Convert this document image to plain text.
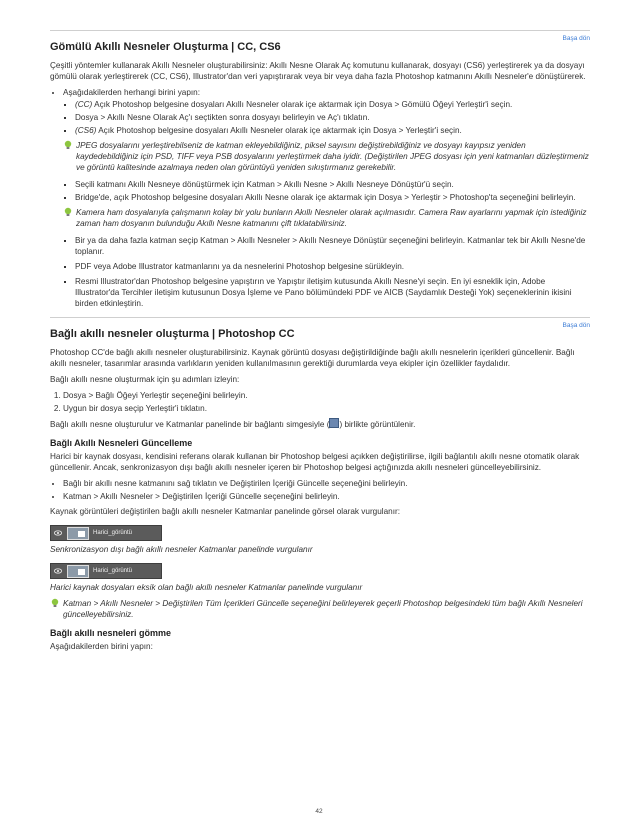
Başa dön
Gömülü Akıllı Nesneler Oluşturma | CC, CS6

Çeşitli yöntemler kullanarak Akıllı Nesneler oluşturabilirsiniz: Akıllı Nesne Olarak Aç komutunu kullanarak, dosyayı (CS6) yerleştirerek ya da dosyayı gömülü olarak yerleştirerek (CC, CS6), Illustrator'dan veri yapıştırarak veya bir veya daha fazla Photoshop katmanını Akıllı Nesneler'e dönüştürerek.

• Aşağıdakilerden herhangi birini yapın:
▪ (CC) Açık Photoshop belgesine dosyaları Akıllı Nesneler olarak içe aktarmak için Dosya > Gömülü Öğeyi Yerleştir'i seçin.
▪ Dosya > Akıllı Nesne Olarak Aç'ı seçtikten sonra dosyayı belirleyin ve Aç'ı tıklatın.
▪ (CS6) Açık Photoshop belgesine dosyaları Akıllı Nesneler olarak içe aktarmak için Dosya > Yerleştir'i seçin.
JPEG dosyalarını yerleştirebilseniz de katman ekleyebildiğiniz, piksel sayısını değiştirebildiğiniz ve dosyayı kayıpsız yeniden kaydedebildiğiniz için PSD, TIFF veya PSB dosyalarını yerleştirmek daha iyidir. (Değiştirilen JPEG dosyası için yeni katmanları düzleştirmeniz ve görüntü kalitesinde azalmaya neden olan görüntüyü yeniden sıkıştırmanız gerekebilir.
▪ Seçili katmanı Akıllı Nesneye dönüştürmek için Katman > Akıllı Nesne > Akıllı Nesneye Dönüştür'ü seçin.
▪ Bridge'de, açık Photoshop belgesine dosyaları Akıllı Nesne olarak içe aktarmak için Dosya > Yerleştir > Photoshop'ta seçeneğini belirleyin.
Kamera ham dosyalarıyla çalışmanın kolay bir yolu bunların Akıllı Nesneler olarak açılmasıdır. Camera Raw ayarlarını yapmak için istediğiniz zaman ham dosyanın bulunduğu Akıllı Nesne katmanını çift tıklatabilirsiniz.
▪ Bir ya da daha fazla katman seçip Katman > Akıllı Nesneler > Akıllı Nesneye Dönüştür seçeneğini belirleyin. Katmanlar tek bir Akıllı Nesne'de toplanır.
▪ PDF veya Adobe Illustrator katmanlarını ya da nesnelerini Photoshop belgesine sürükleyin.
▪ Resmi Illustrator'dan Photoshop belgesine yapıştırın ve Yapıştır iletişim kutusunda Akıllı Nesne'yi seçin. En iyi esneklik için, Adobe Illustrator'da Tercihler iletişim kutusunun Dosya İşleme ve Pano bölümündeki PDF ve AICB (Saydamlık Desteği Yok) seçeneklerinin ikisini birden etkinleştirin.
Başa dön
Bağlı akıllı nesneler oluşturma | Photoshop CC

Photoshop CC'de bağlı akıllı nesneler oluşturabilirsiniz. Kaynak görüntü dosyası değiştirildiğinde bağlı akıllı nesnelerin içerikleri güncellenir. Bağlı akıllı nesneler, tasarımlar arasında varlıkların yeniden kullanılmasının gerektiği durumlarda veya ekipler için özellikler faydalıdır.

Bağlı akıllı nesne oluşturmak için şu adımları izleyin:

1. Dosya > Bağlı Öğeyi Yerleştir seçeneğini belirleyin.
2. Uygun bir dosya seçip Yerleştir'i tıklatın.

Bağlı akıllı nesne oluşturulur ve Katmanlar panelinde bir bağlantı simgesiyle ( ) birlikte görüntülenir.

Bağlı Akıllı Nesneleri Güncelleme

Harici bir kaynak dosyası, kendisini referans olarak kullanan bir Photoshop belgesi açıkken değiştirilirse, ilgili bağlantılı akıllı nesne otomatik olarak güncellenir. Ancak, senkronizasyon dışı bağlı akıllı nesneler içeren bir Photoshop belgesi açtığınızda akıllı nesneleri güncelleyebilirsiniz.

• Bağlı bir akıllı nesne katmanını sağ tıklatın ve Değiştirilen İçeriği Güncelle seçeneğini belirleyin.
• Katman > Akıllı Nesneler > Değiştirilen İçeriği Güncelle seçeneğini belirleyin.

Kaynak görüntüleri değiştirilen bağlı akıllı nesneler Katmanlar panelinde görsel olarak vurgulanır:

Harici_görüntü

Senkronizasyon dışı bağlı akıllı nesneler Katmanlar panelinde vurgulanır

Harici_görüntü

Harici kaynak dosyaları eksik olan bağlı akıllı nesneler Katmanlar panelinde vurgulanır

Katman > Akıllı Nesneler > Değiştirilen Tüm İçerikleri Güncelle seçeneğini belirleyerek geçerli Photoshop belgesindeki tüm bağlı Akıllı Nesneleri güncelleyebilirsiniz.
Bağlı akıllı nesneleri gömme

Aşağıdakilerden birini yapın:

42
